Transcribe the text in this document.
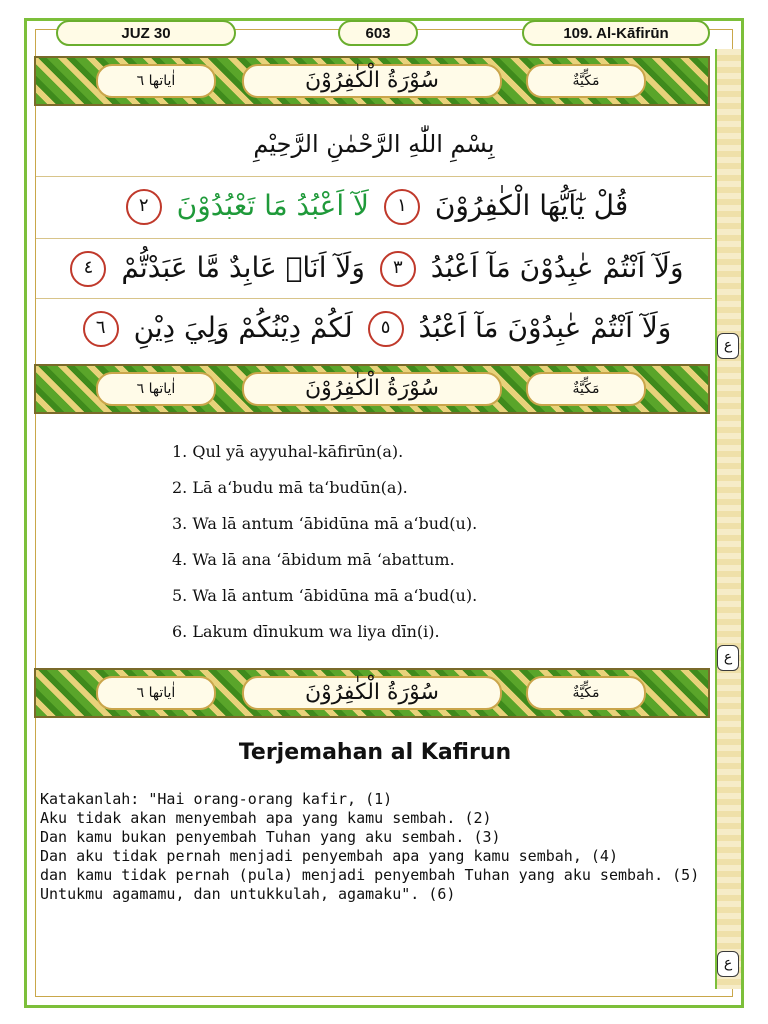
ع
ع
ع
JUZ 30	603	109. Al-Kāfirūn
اٰياتها ٦	سُوْرَةُ الْكٰفِرُوْنَ	مَكِّيَّةٌ
بِسْمِ اللّٰهِ الرَّحْمٰنِ الرَّحِيْمِ
قُلْ يٰٓاَيُّهَا الْكٰفِرُوْنَ ١ لَآ اَعْبُدُ مَا تَعْبُدُوْنَ ٢
وَلَآ اَنْتُمْ عٰبِدُوْنَ مَآ اَعْبُدُ ٣ وَلَآ اَنَا۠ عَابِدٌ مَّا عَبَدْتُّمْ ٤
وَلَآ اَنْتُمْ عٰبِدُوْنَ مَآ اَعْبُدُ ٥ لَكُمْ دِيْنُكُمْ وَلِيَ دِيْنِ ٦
اٰياتها ٦	سُوْرَةُ الْكٰفِرُوْنَ	مَكِّيَّةٌ
1. Qul yā ayyuhal-kāfirūn(a).
2. Lā aʻbudu mā taʻbudūn(a).
3. Wa lā antum ‘ābidūna mā aʻbud(u).
4. Wa lā ana ‘ābidum mā ‘abattum.
5. Wa lā antum ‘ābidūna mā aʻbud(u).
6. Lakum dīnukum wa liya dīn(i).
اٰياتها ٦	سُوْرَةُ الْكٰفِرُوْنَ	مَكِّيَّةٌ
Terjemahan al Kafirun
Katakanlah: "Hai orang-orang kafir, (1)
Aku tidak akan menyembah apa yang kamu sembah. (2)
Dan kamu bukan penyembah Tuhan yang aku sembah. (3)
Dan aku tidak pernah menjadi penyembah apa yang kamu sembah, (4)
dan kamu tidak pernah (pula) menjadi penyembah Tuhan yang aku sembah. (5)
Untukmu agamamu, dan untukkulah, agamaku". (6)
